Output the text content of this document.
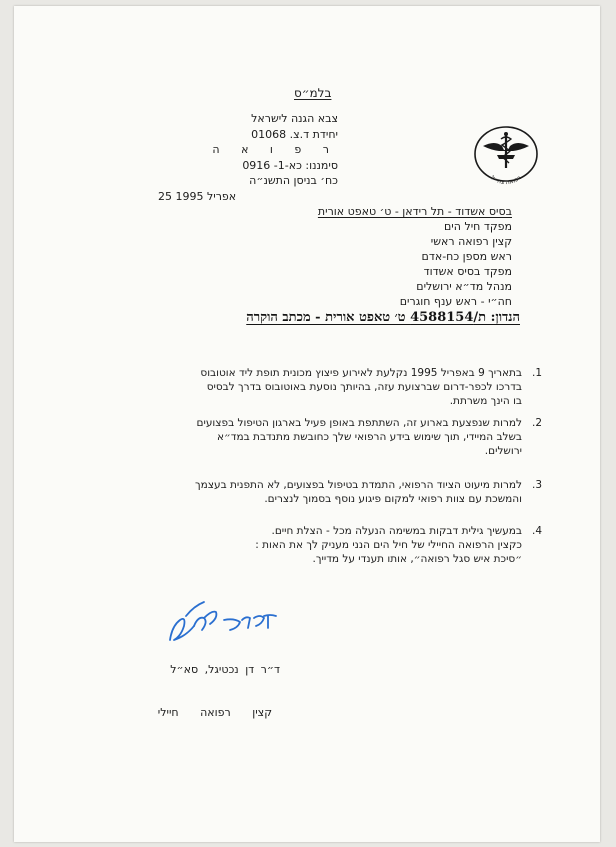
בלמ״ס
צבא הגנה לישראל
יחידת ד.צ. 01068
ר פ ו א ה
סימננו: כא-1- 0916
כח׳ בניסן התשנ״ה
25 אפריל 1995
רפואה צה״ל
בסיס אשדוד - תל רידאן - ט׳ טאפט אורית
מפקד חיל הים
קצין רפואה ראשי
ראש מספן כח-אדם
מפקד בסיס אשדוד
מנהל מד״א ירושלים
חה״י - ראש ענף חוגרים
הנדון: ת/4588154 ט׳ טאפט אורית - מכתב הוקרה
1.
בתאריך 9 באפריל 1995 נקלעת לאירוע פיצוץ מכונית תופת ליד אוטובוס
בדרכו לכפר-דרום שברצועת עזה, בהיותך נוסעת באוטובוס בדרך לבסיס
בו הינך משרתת.
2.
למרות שנפצעת בארוע זה, השתתפת באופן פעיל בארגון הטיפול בפצועים
בשלב המיידי, תוך שימוש בידע הרפואי שלך כחובשת מתנדבת במד״א
ירושלים.
3.
למרות מיעוט הציוד הרפואי, התמדת בטיפול בפצועים, לא התפנית בעצמך
והמשכת עם צוות רפואי למקום פיגוע נוסף בסמוך לנצרים.
4.
במעשיך גילית דבקות במשימה הנעלה מכל - הצלת חיים.
כקצין הרפואה החיילי של חיל הים הנני מעניק לך את האות :
״סיכת איש סגל רפואה״, אותו תענדי על מדייך.
ד״ר דן נכטיגל, סא״ל
קצין רפואה חיילי
